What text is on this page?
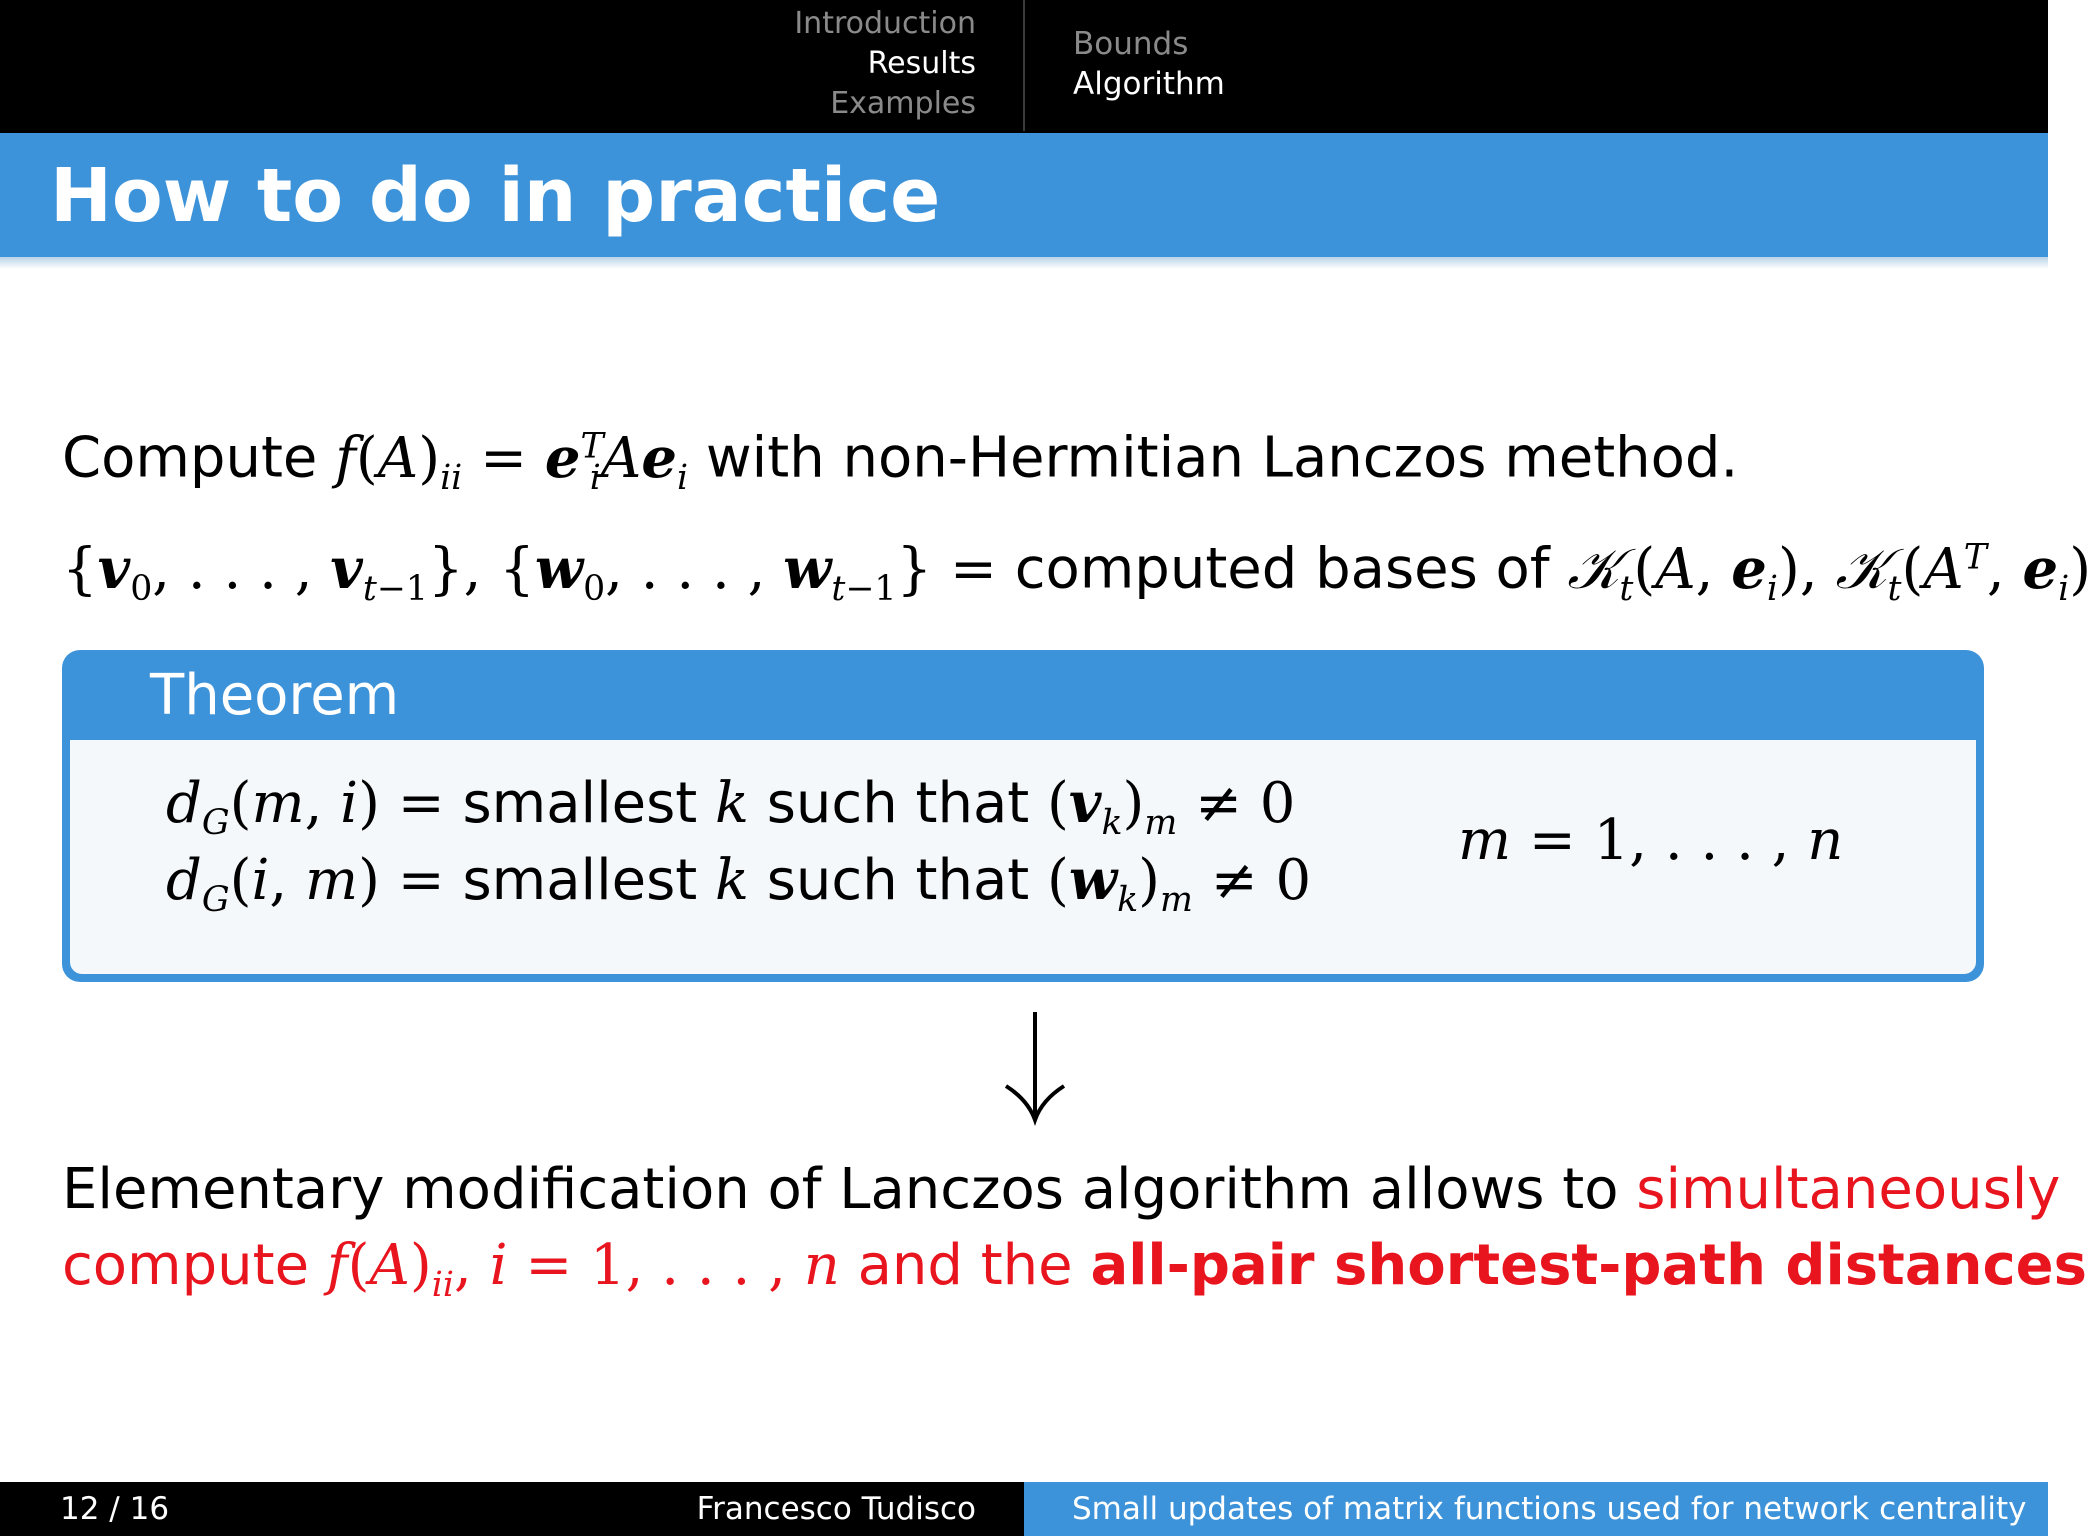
Introduction
Results
Examples
Bounds
Algorithm
How to do in practice
Compute $f(A)_{ii} = e^T_iAe_i$ with non-Hermitian Lanczos method.
{$v_0$, . . . , $v_{t-1}$}, {$w_0$, . . . , $w_{t-1}$} = computed bases of 𝒦$_t$(A, $e_i$), $𝒦_t(A^T$, $e_i$)
Theorem
$d_G(m$, i) = smallest k such that $(v_k)_m \ne 0$
$d_G(i$, m) = smallest k such that $(w_k)_m \ne 0$
m = 1, . . . , n
Elementary modification of Lanczos algorithm allows to simultaneously
compute $f(A)_{ii}$, i = 1, . . . , n and the all-pair shortest-path distances
12 / 16	Francesco Tudisco	Small updates of matrix functions used for network centrality
